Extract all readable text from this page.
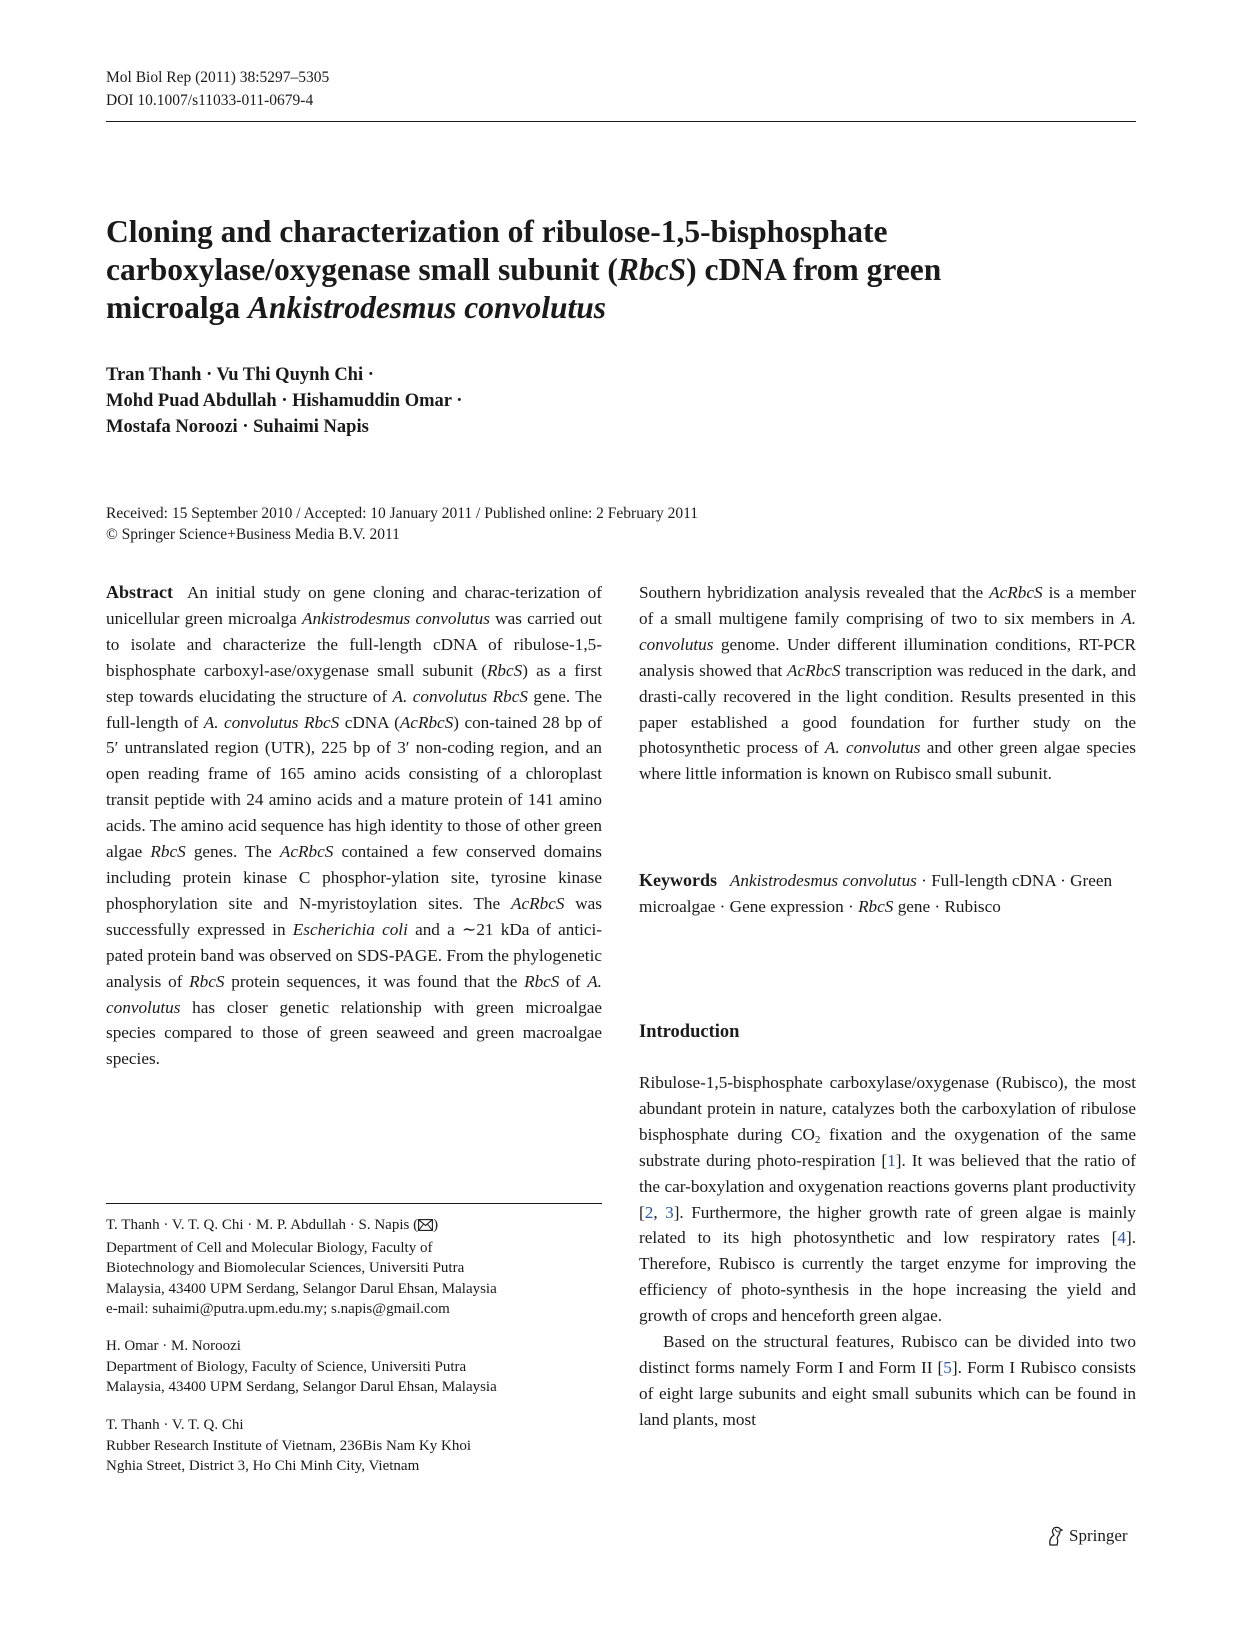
Mol Biol Rep (2011) 38:5297–5305
DOI 10.1007/s11033-011-0679-4
Cloning and characterization of ribulose-1,5-bisphosphate
carboxylase/oxygenase small subunit (RbcS) cDNA from green
microalga Ankistrodesmus convolutus
Tran Thanh · Vu Thi Quynh Chi ·
Mohd Puad Abdullah · Hishamuddin Omar ·
Mostafa Noroozi · Suhaimi Napis
Received: 15 September 2010 / Accepted: 10 January 2011 / Published online: 2 February 2011
© Springer Science+Business Media B.V. 2011

Abstract An initial study on gene cloning and charac-terization of unicellular green microalga Ankistrodesmus convolutus was carried out to isolate and characterize the full-length cDNA of ribulose-1,5-bisphosphate carboxyl-ase/oxygenase small subunit (RbcS) as a first step towards elucidating the structure of A. convolutus RbcS gene. The full-length of A. convolutus RbcS cDNA (AcRbcS) con-tained 28 bp of 5′ untranslated region (UTR), 225 bp of 3′ non-coding region, and an open reading frame of 165 amino acids consisting of a chloroplast transit peptide with 24 amino acids and a mature protein of 141 amino acids. The amino acid sequence has high identity to those of other green algae RbcS genes. The AcRbcS contained a few conserved domains including protein kinase C phosphor-ylation site, tyrosine kinase phosphorylation site and N-myristoylation sites. The AcRbcS was successfully expressed in Escherichia coli and a ∼21 kDa of antici-pated protein band was observed on SDS-PAGE. From the phylogenetic analysis of RbcS protein sequences, it was found that the RbcS of A. convolutus has closer genetic relationship with green microalgae species compared to those of green seaweed and green macroalgae species.

Southern hybridization analysis revealed that the AcRbcS is a member of a small multigene family comprising of two to six members in A. convolutus genome. Under different illumination conditions, RT-PCR analysis showed that AcRbcS transcription was reduced in the dark, and drasti-cally recovered in the light condition. Results presented in this paper established a good foundation for further study on the photosynthetic process of A. convolutus and other green algae species where little information is known on Rubisco small subunit.

Keywords Ankistrodesmus convolutus · Full-length cDNA · Green microalgae · Gene expression · RbcS gene · Rubisco
Introduction

Ribulose-1,5-bisphosphate carboxylase/oxygenase (Rubisco), the most abundant protein in nature, catalyzes both the carboxylation of ribulose bisphosphate during $CO_2$ fixation and the oxygenation of the same substrate during photo-respiration [1]. It was believed that the ratio of the car-boxylation and oxygenation reactions governs plant productivity [2, 3]. Furthermore, the higher growth rate of green algae is mainly related to its high photosynthetic and low respiratory rates [4]. Therefore, Rubisco is currently the target enzyme for improving the efficiency of photo-synthesis in the hope increasing the yield and growth of crops and henceforth green algae.

Based on the structural features, Rubisco can be divided into two distinct forms namely Form I and Form II [5]. Form I Rubisco consists of eight large subunits and eight small subunits which can be found in land plants, most

T. Thanh · V. T. Q. Chi · M. P. Abdullah · S. Napis ( )
Department of Cell and Molecular Biology, Faculty of
Biotechnology and Biomolecular Sciences, Universiti Putra
Malaysia, 43400 UPM Serdang, Selangor Darul Ehsan, Malaysia
e-mail: suhaimi@putra.upm.edu.my; s.napis@gmail.com
H. Omar · M. Noroozi
Department of Biology, Faculty of Science, Universiti Putra
Malaysia, 43400 UPM Serdang, Selangor Darul Ehsan, Malaysia
T. Thanh · V. T. Q. Chi
Rubber Research Institute of Vietnam, 236Bis Nam Ky Khoi
Nghia Street, District 3, Ho Chi Minh City, Vietnam
Springer
